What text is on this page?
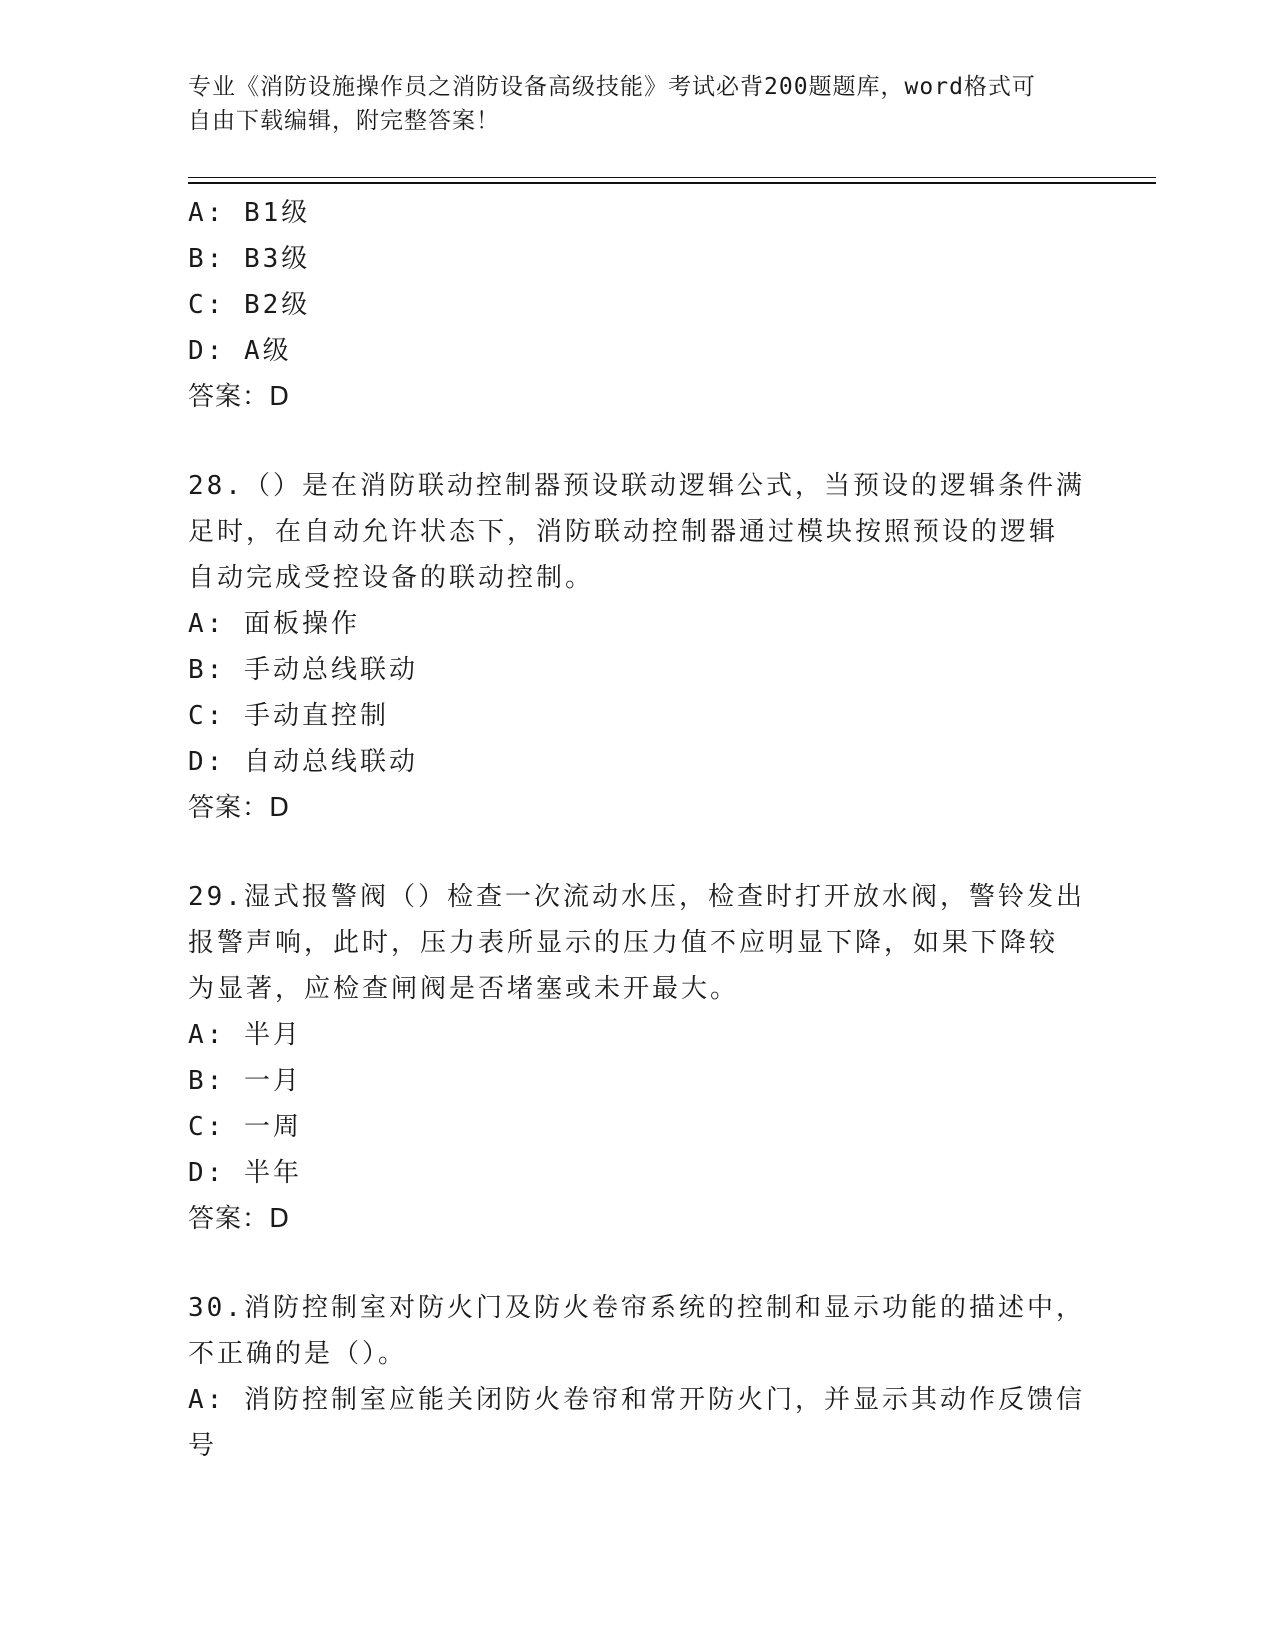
专业《消防设施操作员之消防设备高级技能》考试必背200题题库，word格式可
自由下载编辑，附完整答案！
A: B1级
B: B3级
C: B2级
D: A级
答案：D
28.（）是在消防联动控制器预设联动逻辑公式，当预设的逻辑条件满
足时，在自动允许状态下，消防联动控制器通过模块按照预设的逻辑
自动完成受控设备的联动控制。
A: 面板操作
B: 手动总线联动
C: 手动直控制
D: 自动总线联动
答案：D
29.湿式报警阀（）检查一次流动水压，检查时打开放水阀，警铃发出
报警声响，此时，压力表所显示的压力值不应明显下降，如果下降较
为显著，应检查闸阀是否堵塞或未开最大。
A: 半月
B: 一月
C: 一周
D: 半年
答案：D
30.消防控制室对防火门及防火卷帘系统的控制和显示功能的描述中，
不正确的是（）。
A: 消防控制室应能关闭防火卷帘和常开防火门，并显示其动作反馈信
号
